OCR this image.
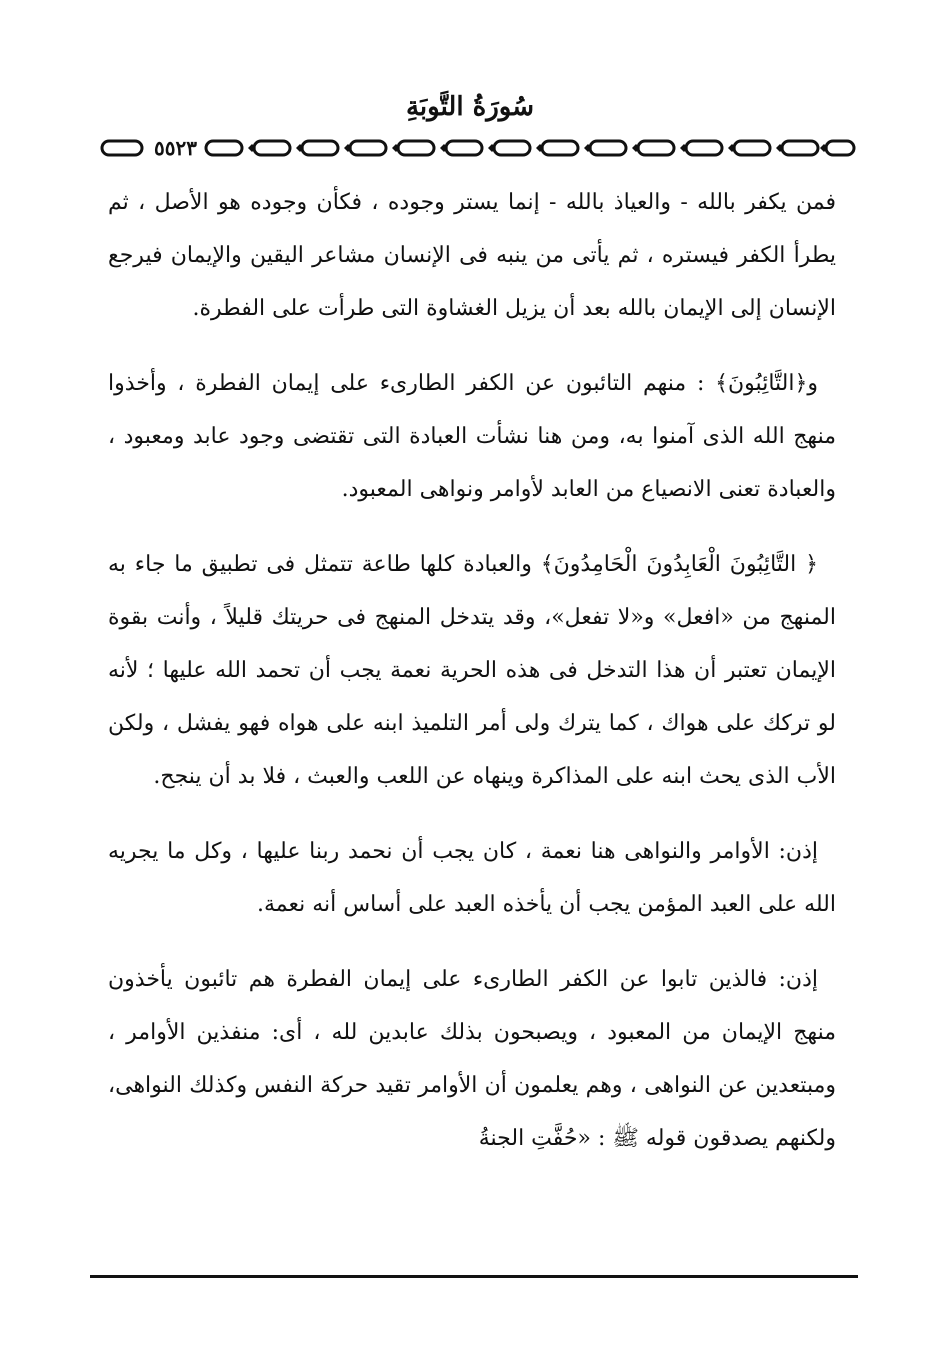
سُورَةُ التَّوبَةِ
٥٥٢٣

فمن يكفر بالله - والعياذ بالله - إنما يستر وجوده ، فكأن وجوده هو الأصل ، ثم يطرأ الكفر فيستره ، ثم يأتى من ينبه فى الإنسان مشاعر اليقين والإيمان فيرجع الإنسان إلى الإيمان بالله بعد أن يزيل الغشاوة التى طرأت على الفطرة.

و﴿التَّائِبُونَ﴾ : منهم التائبون عن الكفر الطارىء على إيمان الفطرة ، وأخذوا منهج الله الذى آمنوا به، ومن هنا نشأت العبادة التى تقتضى وجود عابد ومعبود ، والعبادة تعنى الانصياع من العابد لأوامر ونواهى المعبود.

﴿ التَّائِبُونَ الْعَابِدُونَ الْحَامِدُونَ﴾ والعبادة كلها طاعة تتمثل فى تطبيق ما جاء به المنهج من «افعل» و«لا تفعل»، وقد يتدخل المنهج فى حريتك قليلاً ، وأنت بقوة الإيمان تعتبر أن هذا التدخل فى هذه الحرية نعمة يجب أن تحمد الله عليها ؛ لأنه لو تركك على هواك ، كما يترك ولى أمر التلميذ ابنه على هواه فهو يفشل ، ولكن الأب الذى يحث ابنه على المذاكرة وينهاه عن اللعب والعبث ، فلا بد أن ينجح.

إذن: الأوامر والنواهى هنا نعمة ، كان يجب أن نحمد ربنا عليها ، وكل ما يجريه الله على العبد المؤمن يجب أن يأخذه العبد على أساس أنه نعمة.

إذن: فالذين تابوا عن الكفر الطارىء على إيمان الفطرة هم تائبون يأخذون منهج الإيمان من المعبود ، ويصبحون بذلك عابدين لله ، أى: منفذين الأوامر ، ومبتعدين عن النواهى ، وهم يعلمون أن الأوامر تقيد حركة النفس وكذلك النواهى، ولكنهم يصدقون قوله ﷺ : «حُفَّتِ الجنةُ
